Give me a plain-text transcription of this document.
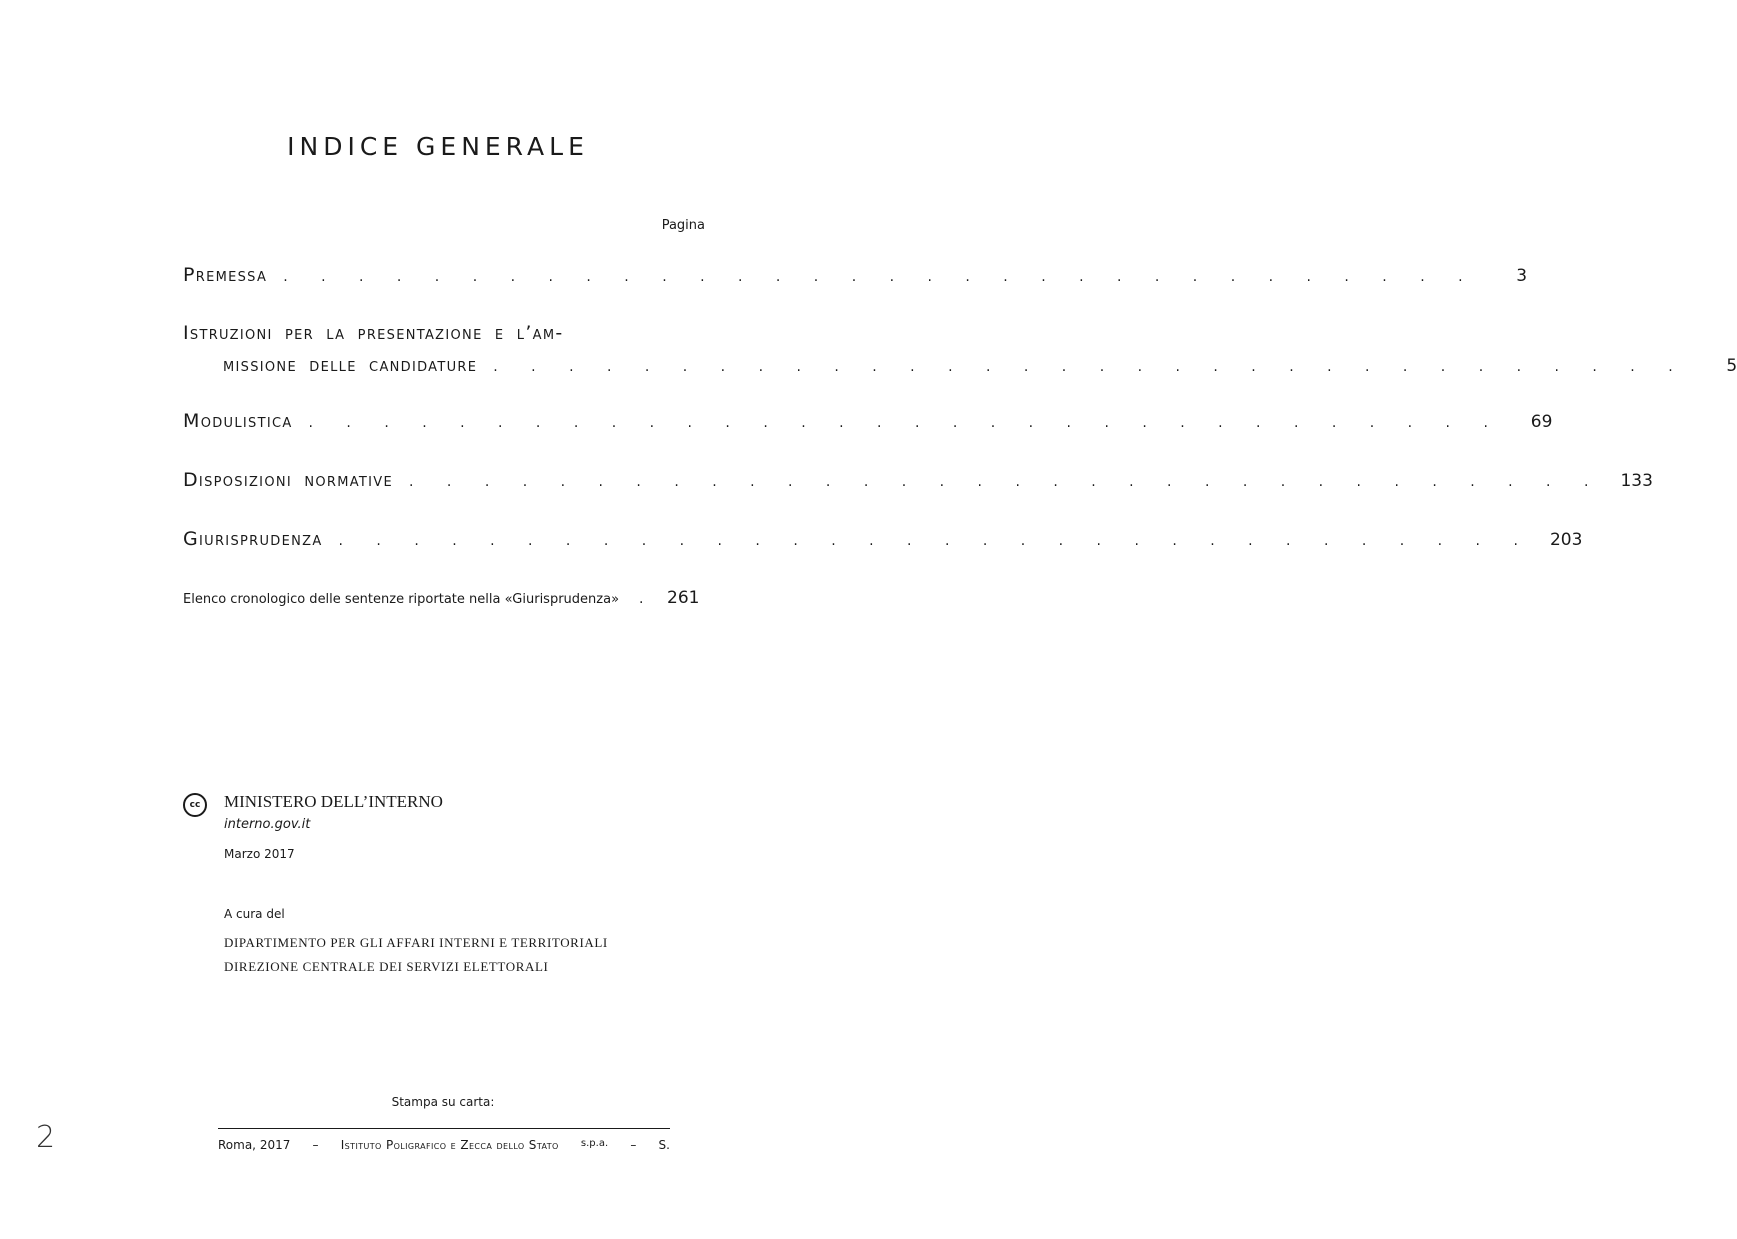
INDICE GENERALE
Pagina
Premessa . . . . . . . . . . . . . . . . . . . . . . . . . . . . . . . .	3
Istruzioni per la presentazione e l’am-
missione delle candidature . . . . . . . . . . . . . . . . . . . . . . . . . . . . . . . .	5
Modulistica . . . . . . . . . . . . . . . . . . . . . . . . . . . . . . . .	69
Disposizioni normative . . . . . . . . . . . . . . . . . . . . . . . . . . . . . . . . 133
Giurisprudenza . . . . . . . . . . . . . . . . . . . . . . . . . . . . . . . . 203
Elenco cronologico delle sentenze riportate nella «Giurisprudenza» . 261
cc	MINISTERO DELL’INTERNO
interno.gov.it
Marzo 2017
A cura del
DIPARTIMENTO PER GLI AFFARI INTERNI E TERRITORIALI
DIREZIONE CENTRALE DEI SERVIZI ELETTORALI
Stampa su carta:
Roma, 2017 – Istituto Poligrafico e Zecca dello Stato s.p.a. – S.
2
